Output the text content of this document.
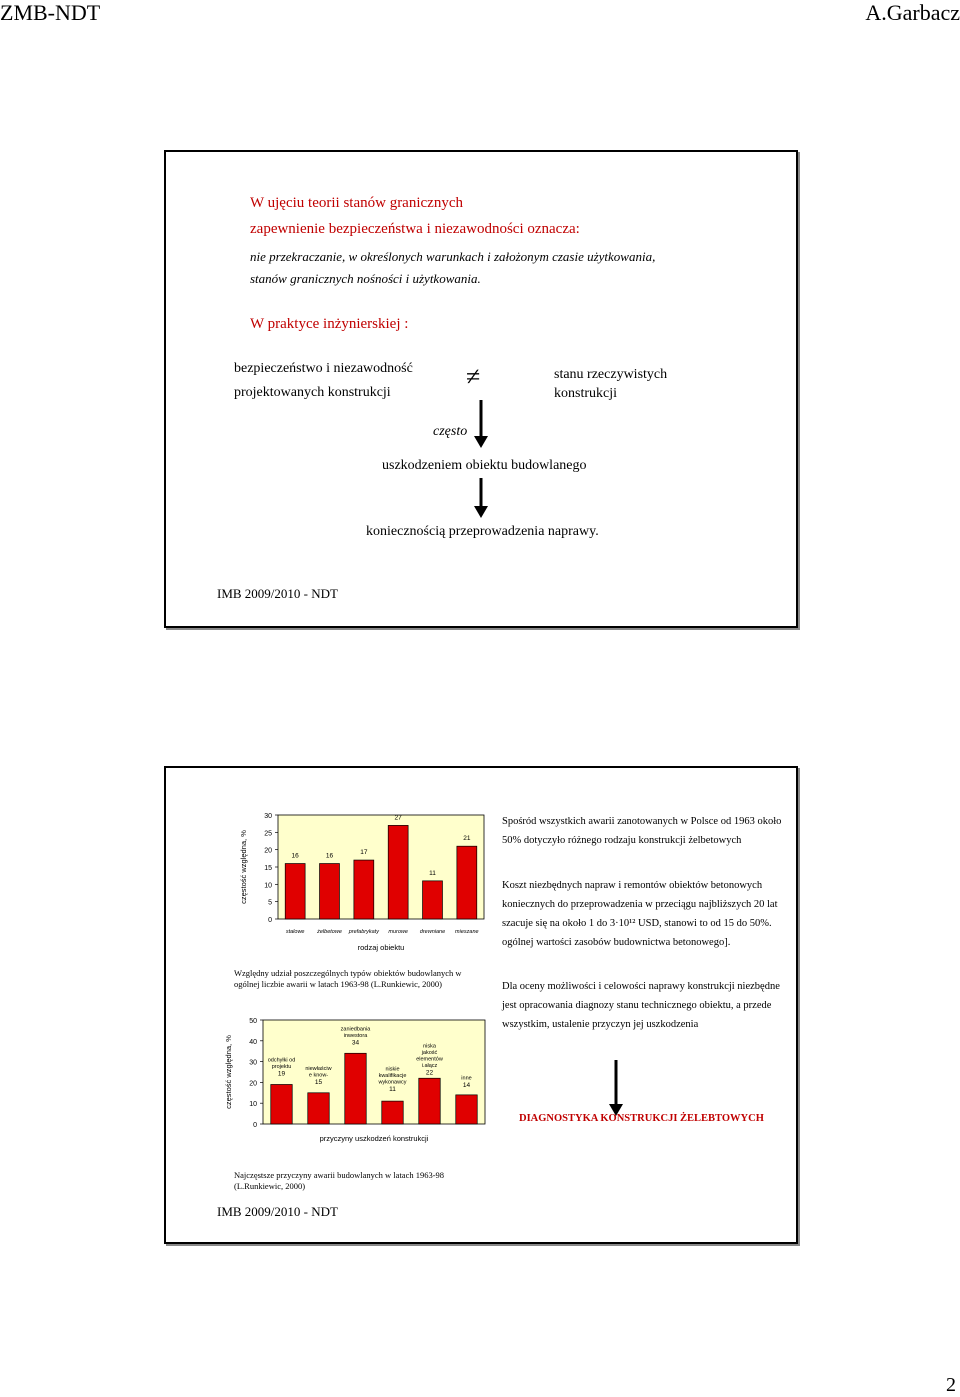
ZMB-NDT	A.Garbacz
W ujęciu teorii stanów granicznych
zapewnienie bezpieczeństwa i niezawodności oznacza:
nie przekraczanie, w określonych warunkach i założonym czasie użytkowania,
stanów granicznych nośności i użytkowania.
W praktyce inżynierskiej :
bezpieczeństwo i niezawodność
projektowanych konstrukcji
≠	stanu rzeczywistych
konstrukcji
często
uszkodzeniem obiektu budowlanego
koniecznością przeprowadzenia naprawy.
IMB 2009/2010 - NDT
0
5
10
15
20
25
30
16
stalowe
16
żelbetowe
17
prefabrykaty
27
murowe
11
drewniane
21
mieszane
rodzaj obiektu
częstość względna, %
Względny udział poszczególnych typów obiektów budowlanych w ogólnej liczbie awarii w latach 1963-98 (L.Runkiewic, 2000)
0
10
20
30
40
50
odchyłki od projektu
19
niewłaściw e know-
15
zaniedbania inwestora
34
niskie kwalifikacje wykonawcy
11
niska jakość elementów i.ałącz
22
inne
14
przyczyny uszkodzeń konstrukcji
częstość względna, %
Najczęstsze przyczyny awarii budowlanych w latach 1963-98 (L.Runkiewic, 2000)
Spośród wszystkich awarii zanotowanych w Polsce od 1963 około 50% dotyczyło różnego rodzaju konstrukcji żelbetowych
Koszt niezbędnych napraw i remontów obiektów betonowych koniecznych do przeprowadzenia w przeciągu najbliższych 20 lat szacuje się na około 1 do 3·10¹² USD, stanowi to od 15 do 50%. ogólnej wartości zasobów budownictwa betonowego].
Dla oceny możliwości i celowości naprawy konstrukcji niezbędne jest opracowania diagnozy stanu technicznego obiektu, a przede wszystkim, ustalenie przyczyn jej uszkodzenia
DIAGNOSTYKA KONSTRUKCJI ŻELEBTOWYCH
IMB 2009/2010 - NDT
2
